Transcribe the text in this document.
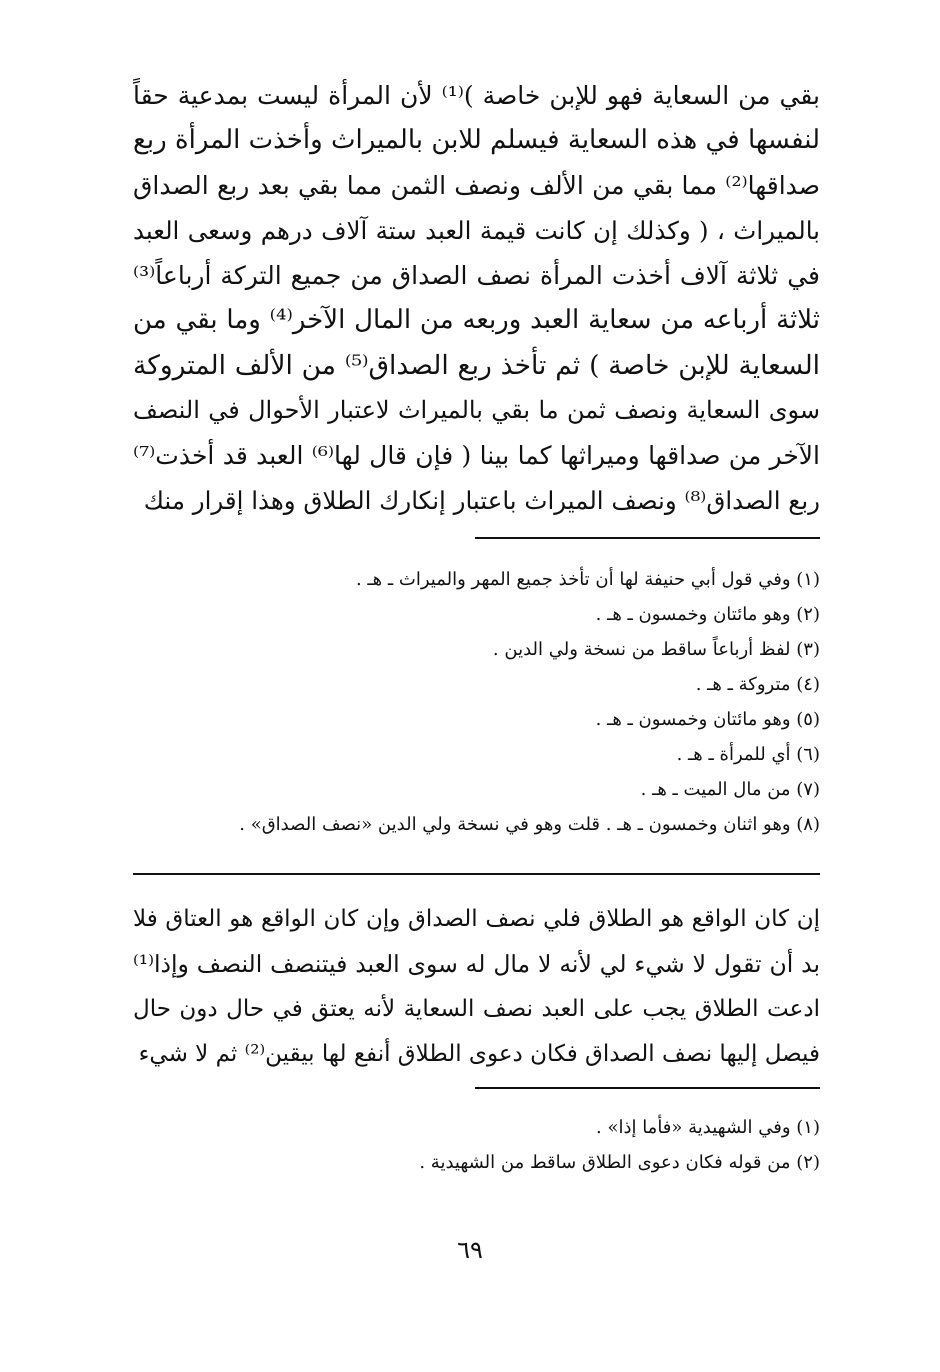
بقي من السعاية فهو للإبن خاصة )⁽¹⁾ لأن المرأة ليست بمدعية حقاً
لنفسها في هذه السعاية فيسلم للابن بالميراث وأخذت المرأة ربع
صداقها⁽²⁾ مما بقي من الألف ونصف الثمن مما بقي بعد ربع الصداق
بالميراث ، ( وكذلك إن كانت قيمة العبد ستة آلاف درهم وسعى العبد
في ثلاثة آلاف أخذت المرأة نصف الصداق من جميع التركة أرباعاً⁽³⁾
ثلاثة أرباعه من سعاية العبد وربعه من المال الآخر⁽⁴⁾ وما بقي من
السعاية للإبن خاصة ) ثم تأخذ ربع الصداق⁽⁵⁾ من الألف المتروكة
سوى السعاية ونصف ثمن ما بقي بالميراث لاعتبار الأحوال في النصف
الآخر من صداقها وميراثها كما بينا ( فإن قال لها⁽⁶⁾ العبد قد أخذت⁽⁷⁾
ربع الصداق⁽⁸⁾ ونصف الميراث باعتبار إنكارك الطلاق وهذا إقرار منك
(١) وفي قول أبي حنيفة لها أن تأخذ جميع المهر والميراث ـ هـ .
(٢) وهو مائتان وخمسون ـ هـ .
(٣) لفظ أرباعاً ساقط من نسخة ولي الدين .
(٤) متروكة ـ هـ .
(٥) وهو مائتان وخمسون ـ هـ .
(٦) أي للمرأة ـ هـ .
(٧) من مال الميت ـ هـ .
(٨) وهو اثنان وخمسون ـ هـ . قلت وهو في نسخة ولي الدين «نصف الصداق» .
إن كان الواقع هو الطلاق فلي نصف الصداق وإن كان الواقع هو العتاق فلا
بد أن تقول لا شيء لي لأنه لا مال له سوى العبد فيتنصف النصف وإذا⁽¹⁾
ادعت الطلاق يجب على العبد نصف السعاية لأنه يعتق في حال دون حال
فيصل إليها نصف الصداق فكان دعوى الطلاق أنفع لها بيقين⁽²⁾ ثم لا شيء
(١) وفي الشهيدية «فأما إذا» .
(٢) من قوله فكان دعوى الطلاق ساقط من الشهيدية .
٦٩
